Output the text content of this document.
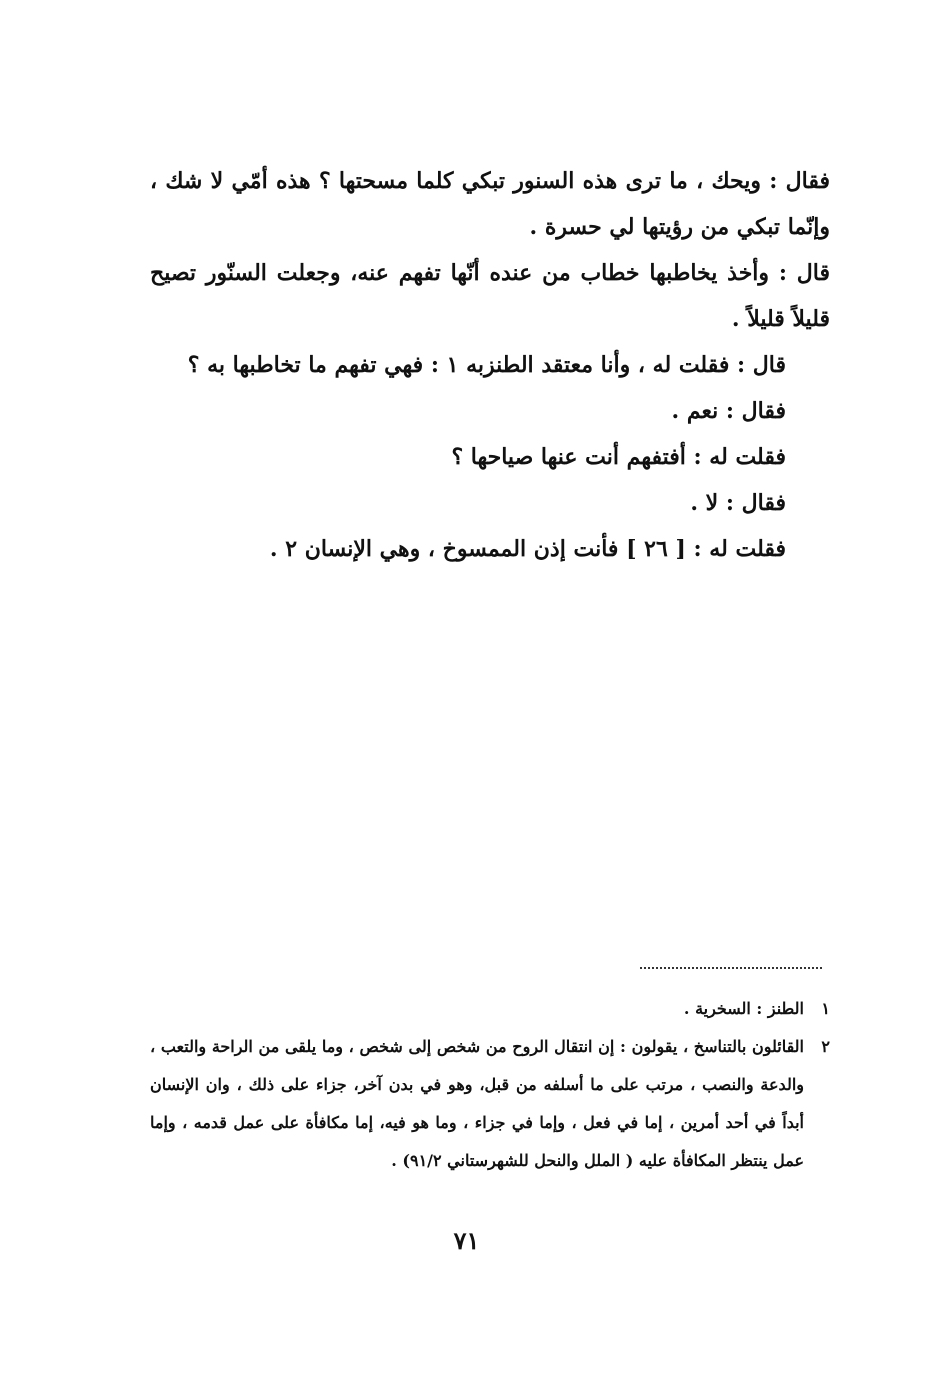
فقال : ويحك ، ما ترى هذه السنور تبكي كلما مسحتها ؟ هذه أمّي لا شك ، وإنّما تبكي من رؤيتها لي حسرة .

قال : وأخذ يخاطبها خطاب من عنده أنّها تفهم عنه، وجعلت السنّور تصيح قليلاً قليلاً .

قال : فقلت له ، وأنا معتقد الطنزبه ١ : فهي تفهم ما تخاطبها به ؟

فقال : نعم .

فقلت له : أفتفهم أنت عنها صياحها ؟

فقال : لا .

فقلت له : [ ٢٦ ] فأنت إذن الممسوخ ، وهي الإنسان ٢ .

١
الطنز : السخرية .
٢
القائلون بالتناسخ ، يقولون : إن انتقال الروح من شخص إلى شخص ، وما يلقى من الراحة والتعب ، والدعة والنصب ، مرتب على ما أسلفه من قبل، وهو في بدن آخر، جزاء على ذلك ، وان الإنسان أبداً في أحد أمرين ، إما في فعل ، وإما في جزاء ، وما هو فيه، إما مكافأة على عمل قدمه ، وإما عمل ينتظر المكافأة عليه ( الملل والنحل للشهرستاني ٩١/٢) .
٧١
